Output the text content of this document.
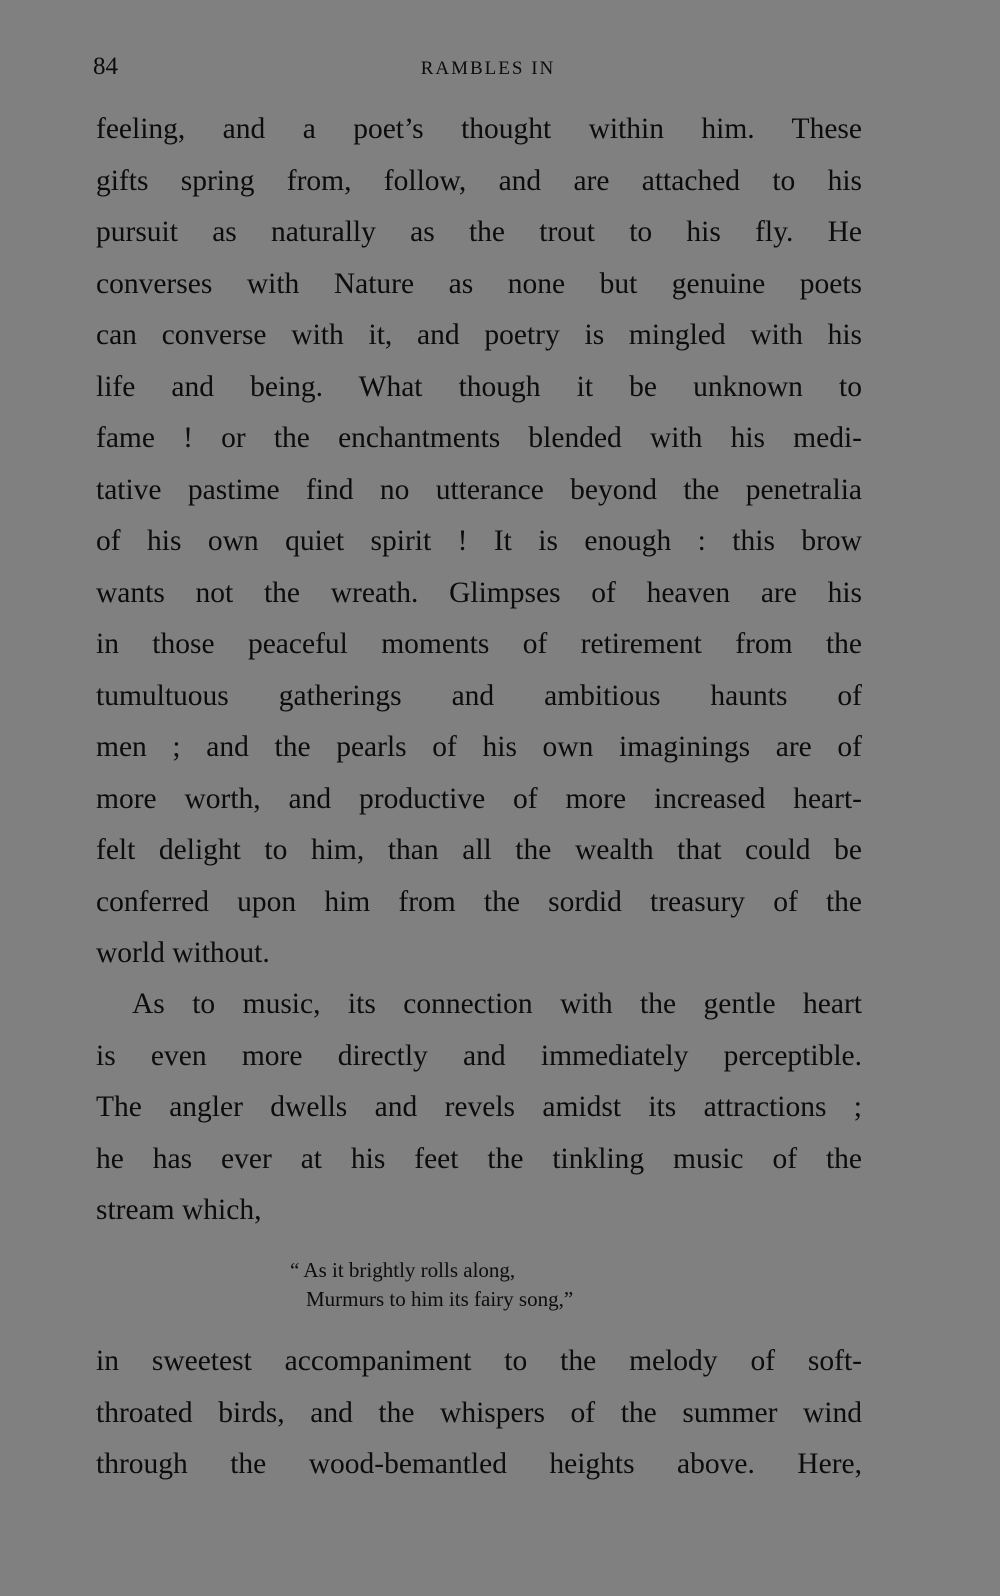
84	RAMBLES IN
feeling, and a poet’s thought within him. These
gifts spring from, follow, and are attached to his
pursuit as naturally as the trout to his fly. He
converses with Nature as none but genuine poets
can converse with it, and poetry is mingled with his
life and being. What though it be unknown to
fame ! or the enchantments blended with his medi-
tative pastime find no utterance beyond the penetralia
of his own quiet spirit ! It is enough : this brow
wants not the wreath. Glimpses of heaven are his
in those peaceful moments of retirement from the
tumultuous gatherings and ambitious haunts of
men ; and the pearls of his own imaginings are of
more worth, and productive of more increased heart-
felt delight to him, than all the wealth that could be
conferred upon him from the sordid treasury of the
world without.
As to music, its connection with the gentle heart
is even more directly and immediately perceptible.
The angler dwells and revels amidst its attractions ;
he has ever at his feet the tinkling music of the
stream which,
“ As it brightly rolls along,
Murmurs to him its fairy song,”
in sweetest accompaniment to the melody of soft-
throated birds, and the whispers of the summer wind
through the wood-bemantled heights above. Here,
